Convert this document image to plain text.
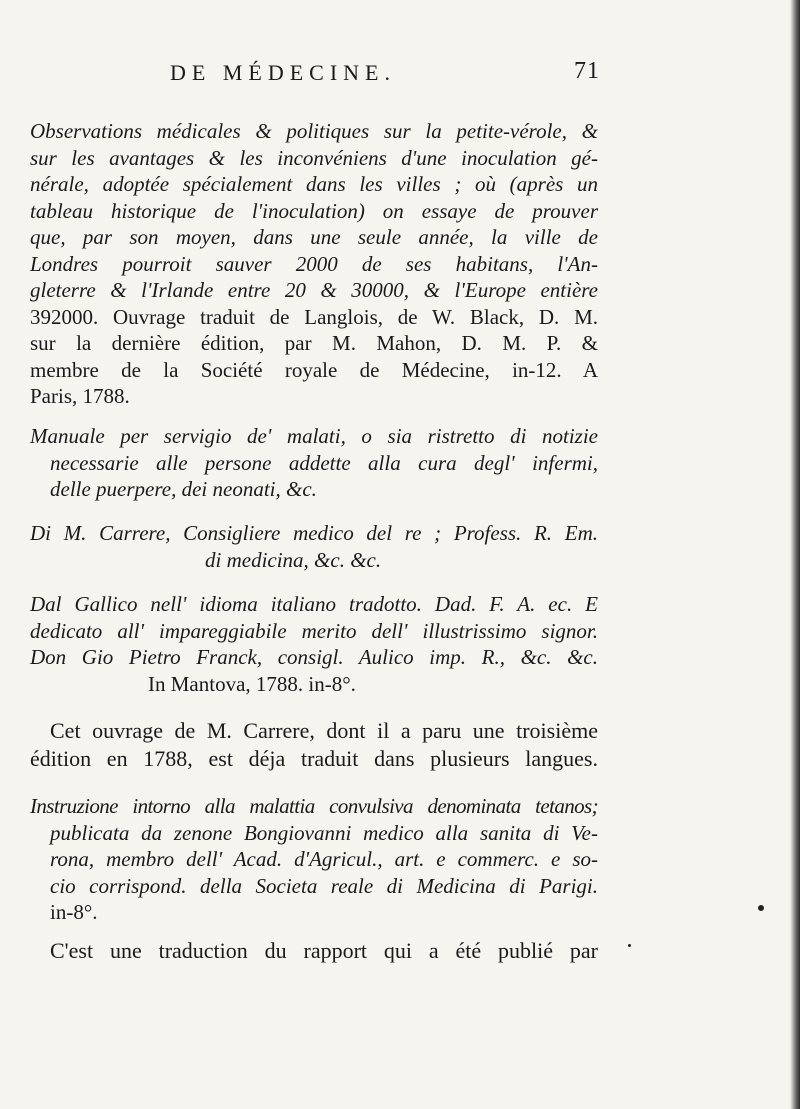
DE MÉDECINE.	71
Observations médicales & politiques sur la petite-vérole, &
sur les avantages & les inconvéniens d'une inoculation gé-
nérale, adoptée spécialement dans les villes ; où (après un
tableau historique de l'inoculation) on essaye de prouver
que, par son moyen, dans une seule année, la ville de
Londres pourroit sauver 2000 de ses habitans, l'An-
gleterre & l'Irlande entre 20 & 30000, & l'Europe entière
392000. Ouvrage traduit de Langlois, de W. Black, D. M.
sur la dernière édition, par M. Mahon, D. M. P. &
membre de la Société royale de Médecine, in-12. A
Paris, 1788.
Manuale per servigio de' malati, o sia ristretto di notizie
necessarie alle persone addette alla cura degl' infermi,
delle puerpere, dei neonati, &c.
Di M. Carrere, Consigliere medico del re ; Profess. R. Em.
di medicina, &c. &c.
Dal Gallico nell' idioma italiano tradotto. Dad. F. A. ec. E
dedicato all' impareggiabile merito dell' illustrissimo signor.
Don Gio Pietro Franck, consigl. Aulico imp. R., &c. &c.
In Mantova, 1788. in-8°.
Cet ouvrage de M. Carrere, dont il a paru une troisième
édition en 1788, est déja traduit dans plusieurs langues.
Instruzione intorno alla malattia convulsiva denominata tetanos;
publicata da zenone Bongiovanni medico alla sanita di Ve-
rona, membro dell' Acad. d'Agricul., art. e commerc. e so-
cio corrispond. della Societa reale di Medicina di Parigi.
in-8°.
C'est une traduction du rapport qui a été publié par
